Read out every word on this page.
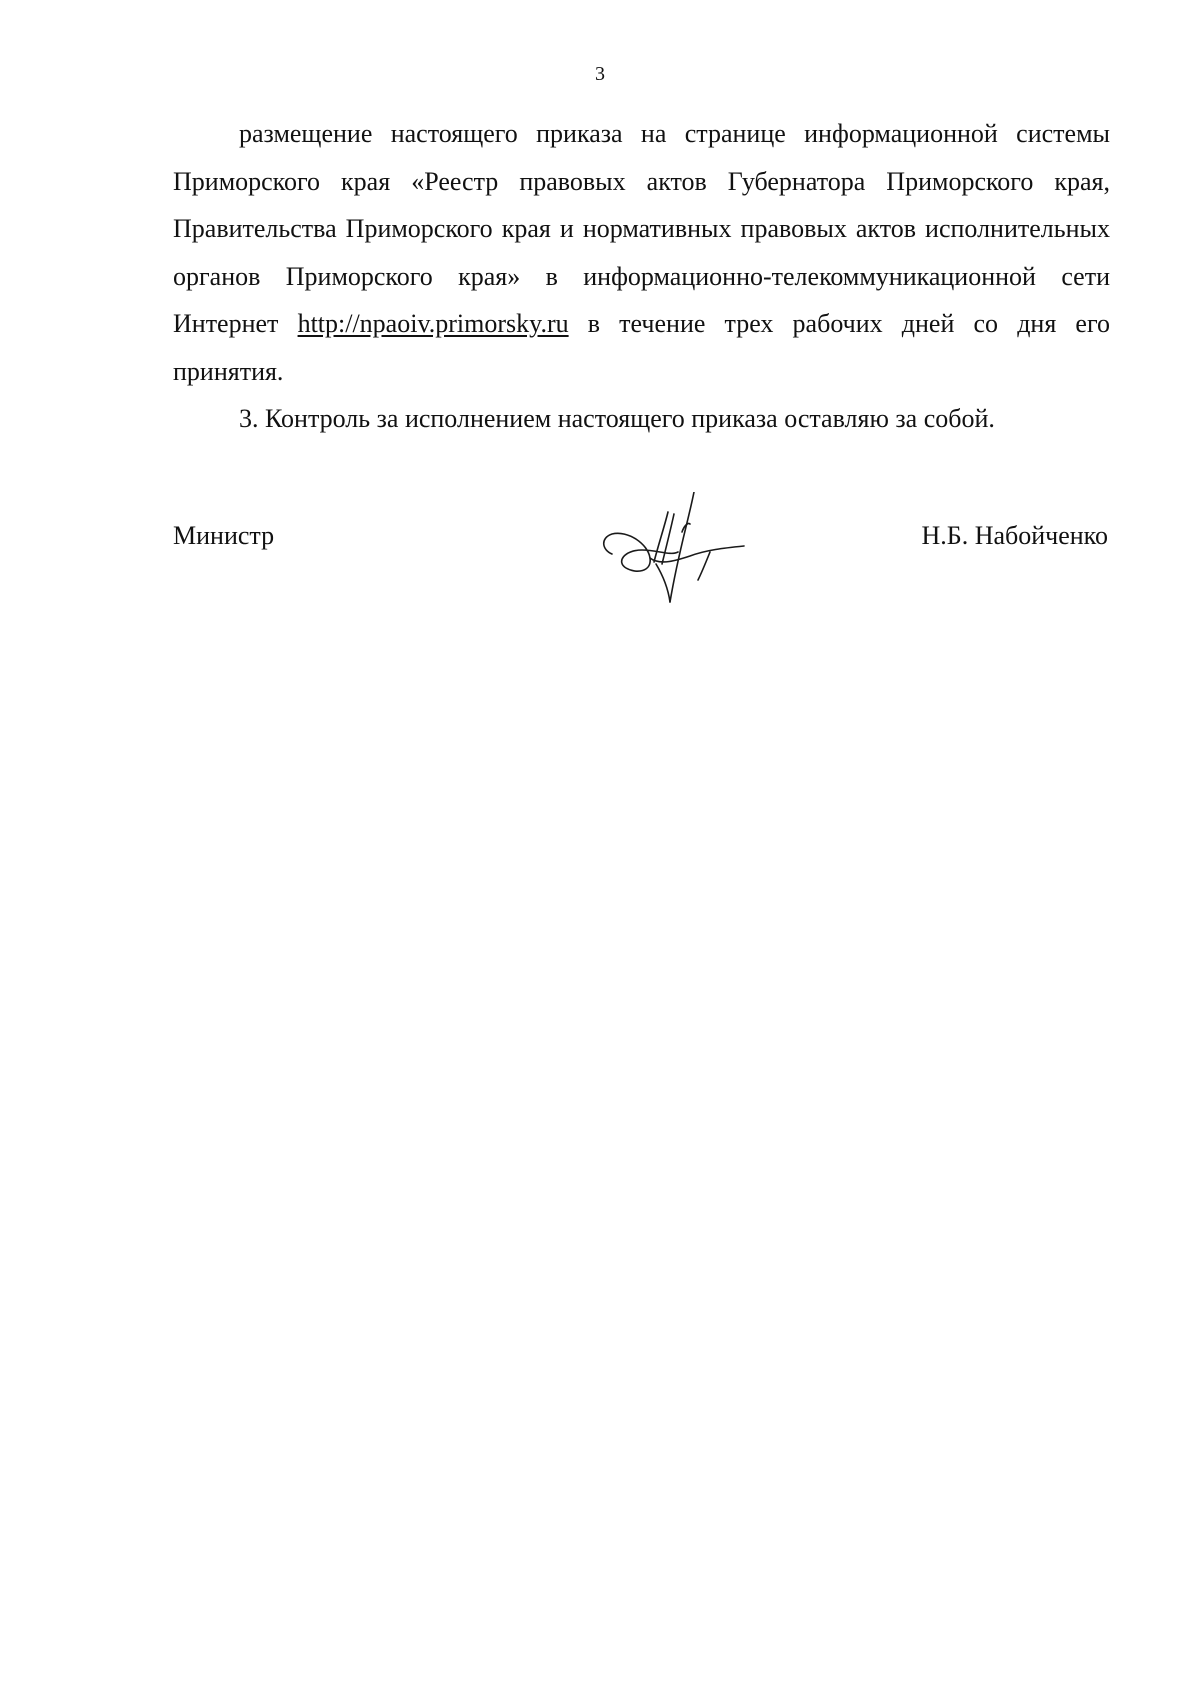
3

размещение настоящего приказа на странице информационной системы Приморского края «Реестр правовых актов Губернатора Приморского края, Правительства Приморского края и нормативных правовых актов исполнительных органов Приморского края» в информационно-телекоммуникационной сети Интернет http://npaoiv.primorsky.ru в течение трех рабочих дней со дня его принятия.

3. Контроль за исполнением настоящего приказа оставляю за собой.

Министр	Н.Б. Набойченко
